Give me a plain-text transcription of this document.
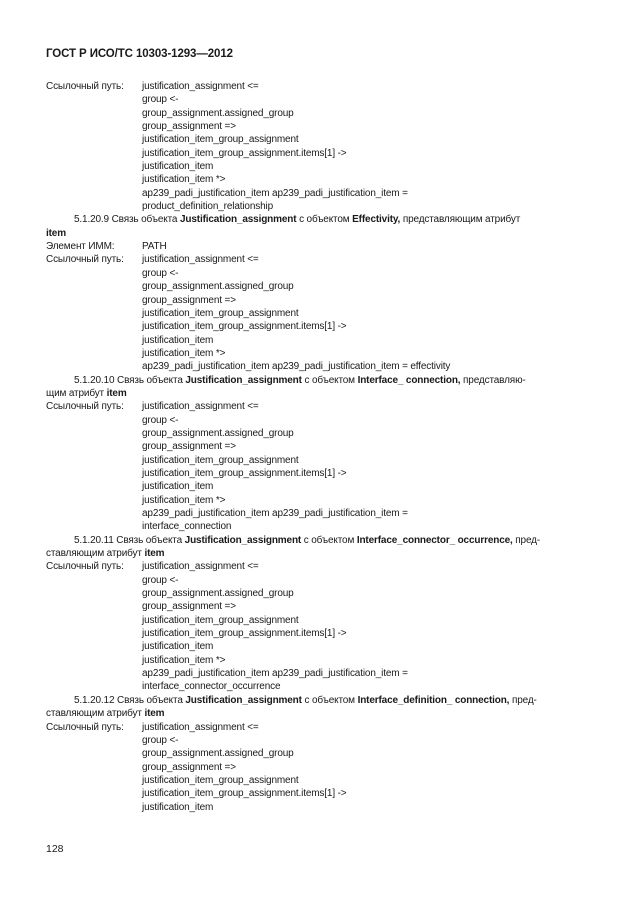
ГОСТ Р ИСО/ТС 10303-1293—2012
Ссылочный путь: justification_assignment <=
group <-
group_assignment.assigned_group
group_assignment =>
justification_item_group_assignment
justification_item_group_assignment.items[1] ->
justification_item
justification_item *>
ap239_padi_justification_item ap239_padi_justification_item =
product_definition_relationship
5.1.20.9 Связь объекта Justification_assignment с объектом Effectivity, представляющим атрибут
item
Элемент ИММ:	PATH
Ссылочный путь: justification_assignment <=
group <-
group_assignment.assigned_group
group_assignment =>
justification_item_group_assignment
justification_item_group_assignment.items[1] ->
justification_item
justification_item *>
ap239_padi_justification_item ap239_padi_justification_item = effectivity
5.1.20.10 Связь объекта Justification_assignment с объектом Interface_ connection, представляю-
щим атрибут item
Ссылочный путь: justification_assignment <=
group <-
group_assignment.assigned_group
group_assignment =>
justification_item_group_assignment
justification_item_group_assignment.items[1] ->
justification_item
justification_item *>
ap239_padi_justification_item ap239_padi_justification_item =
interface_connection
5.1.20.11 Связь объекта Justification_assignment с объектом Interface_connector_ occurrence, пред-
ставляющим атрибут item
Ссылочный путь: justification_assignment <=
group <-
group_assignment.assigned_group
group_assignment =>
justification_item_group_assignment
justification_item_group_assignment.items[1] ->
justification_item
justification_item *>
ap239_padi_justification_item ap239_padi_justification_item =
interface_connector_occurrence
5.1.20.12 Связь объекта Justification_assignment с объектом Interface_definition_ connection, пред-
ставляющим атрибут item
Ссылочный путь: justification_assignment <=
group <-
group_assignment.assigned_group
group_assignment =>
justification_item_group_assignment
justification_item_group_assignment.items[1] ->
justification_item
128
